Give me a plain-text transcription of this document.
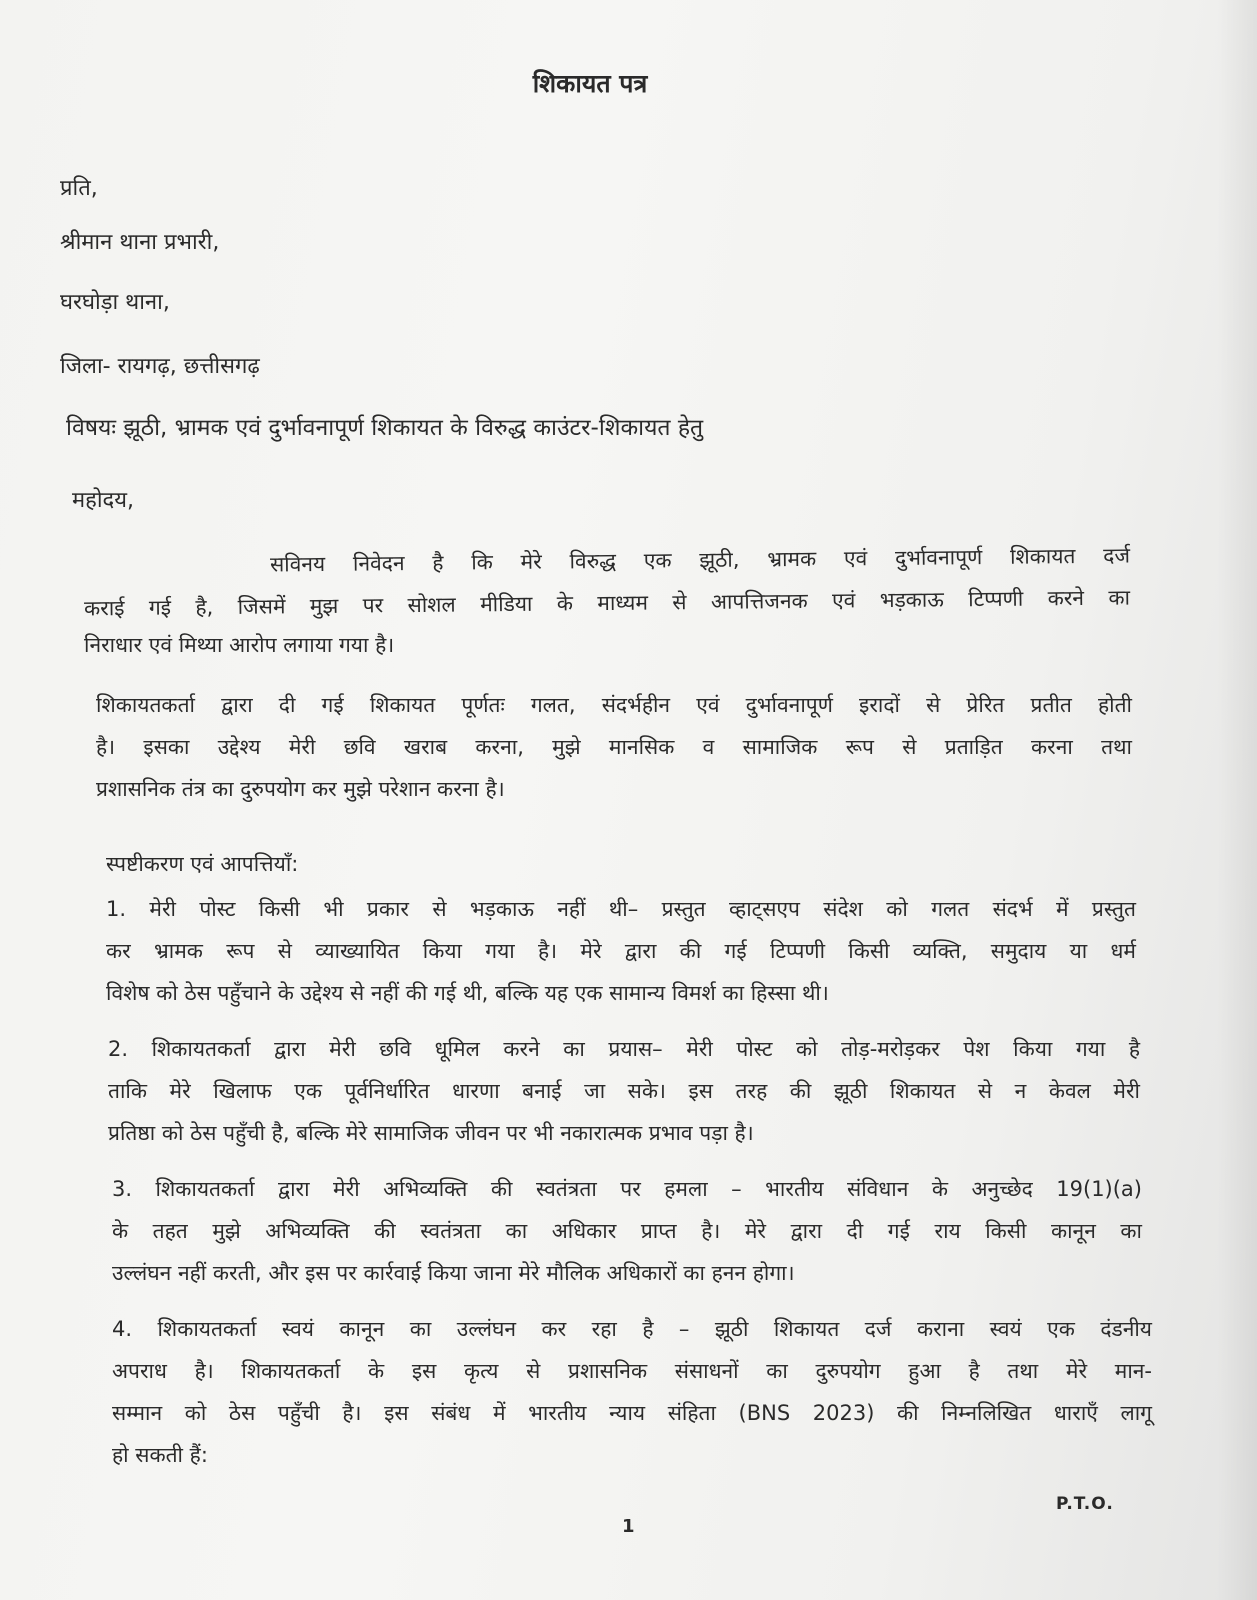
शिकायत पत्र
प्रति,
श्रीमान थाना प्रभारी,
घरघोड़ा थाना,
जिला- रायगढ़, छत्तीसगढ़
विषयः झूठी, भ्रामक एवं दुर्भावनापूर्ण शिकायत के विरुद्ध काउंटर-शिकायत हेतु
महोदय,
सविनय निवेदन है कि मेरे विरुद्ध एक झूठी, भ्रामक एवं दुर्भावनापूर्ण शिकायत दर्ज
कराई गई है, जिसमें मुझ पर सोशल मीडिया के माध्यम से आपत्तिजनक एवं भड़काऊ टिप्पणी करने का
निराधार एवं मिथ्या आरोप लगाया गया है।
शिकायतकर्ता द्वारा दी गई शिकायत पूर्णतः गलत, संदर्भहीन एवं दुर्भावनापूर्ण इरादों से प्रेरित प्रतीत होती
है। इसका उद्देश्य मेरी छवि खराब करना, मुझे मानसिक व सामाजिक रूप से प्रताड़ित करना तथा
प्रशासनिक तंत्र का दुरुपयोग कर मुझे परेशान करना है।
स्पष्टीकरण एवं आपत्तियाँ:
1. मेरी पोस्ट किसी भी प्रकार से भड़काऊ नहीं थी– प्रस्तुत व्हाट्सएप संदेश को गलत संदर्भ में प्रस्तुत
कर भ्रामक रूप से व्याख्यायित किया गया है। मेरे द्वारा की गई टिप्पणी किसी व्यक्ति, समुदाय या धर्म
विशेष को ठेस पहुँचाने के उद्देश्य से नहीं की गई थी, बल्कि यह एक सामान्य विमर्श का हिस्सा थी।
2. शिकायतकर्ता द्वारा मेरी छवि धूमिल करने का प्रयास– मेरी पोस्ट को तोड़-मरोड़कर पेश किया गया है
ताकि मेरे खिलाफ एक पूर्वनिर्धारित धारणा बनाई जा सके। इस तरह की झूठी शिकायत से न केवल मेरी
प्रतिष्ठा को ठेस पहुँची है, बल्कि मेरे सामाजिक जीवन पर भी नकारात्मक प्रभाव पड़ा है।
3. शिकायतकर्ता द्वारा मेरी अभिव्यक्ति की स्वतंत्रता पर हमला – भारतीय संविधान के अनुच्छेद 19(1)(a)
के तहत मुझे अभिव्यक्ति की स्वतंत्रता का अधिकार प्राप्त है। मेरे द्वारा दी गई राय किसी कानून का
उल्लंघन नहीं करती, और इस पर कार्रवाई किया जाना मेरे मौलिक अधिकारों का हनन होगा।
4. शिकायतकर्ता स्वयं कानून का उल्लंघन कर रहा है – झूठी शिकायत दर्ज कराना स्वयं एक दंडनीय
अपराध है। शिकायतकर्ता के इस कृत्य से प्रशासनिक संसाधनों का दुरुपयोग हुआ है तथा मेरे मान-
सम्मान को ठेस पहुँची है। इस संबंध में भारतीय न्याय संहिता (BNS 2023) की निम्नलिखित धाराएँ लागू
हो सकती हैं:
P.T.O.
1
